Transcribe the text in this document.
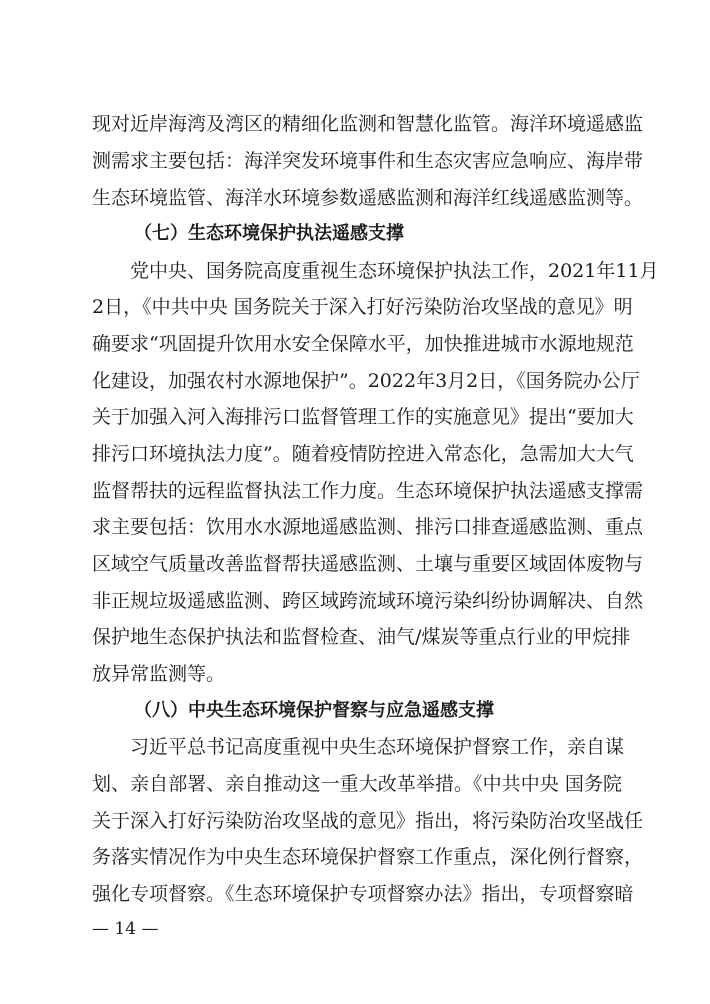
现对近岸海湾及湾区的精细化监测和智慧化监管。海洋环境遥感监
测需求主要包括：海洋突发环境事件和生态灾害应急响应、海岸带
生态环境监管、海洋水环境参数遥感监测和海洋红线遥感监测等。
（七）生态环境保护执法遥感支撑
　　党中央、国务院高度重视生态环境保护执法工作，2021年11月
2日，《中共中央 国务院关于深入打好污染防治攻坚战的意见》明
确要求“巩固提升饮用水安全保障水平，加快推进城市水源地规范
化建设，加强农村水源地保护”。2022年3月2日，《国务院办公厅
关于加强入河入海排污口监督管理工作的实施意见》提出“要加大
排污口环境执法力度”。随着疫情防控进入常态化，急需加大大气
监督帮扶的远程监督执法工作力度。生态环境保护执法遥感支撑需
求主要包括：饮用水水源地遥感监测、排污口排查遥感监测、重点
区域空气质量改善监督帮扶遥感监测、土壤与重要区域固体废物与
非正规垃圾遥感监测、跨区域跨流域环境污染纠纷协调解决、自然
保护地生态保护执法和监督检查、油气/煤炭等重点行业的甲烷排
放异常监测等。
（八）中央生态环境保护督察与应急遥感支撑
　　习近平总书记高度重视中央生态环境保护督察工作，亲自谋
划、亲自部署、亲自推动这一重大改革举措。《中共中央 国务院
关于深入打好污染防治攻坚战的意见》指出，将污染防治攻坚战任
务落实情况作为中央生态环境保护督察工作重点，深化例行督察，
强化专项督察。《生态环境保护专项督察办法》指出，专项督察暗
— 14 —
